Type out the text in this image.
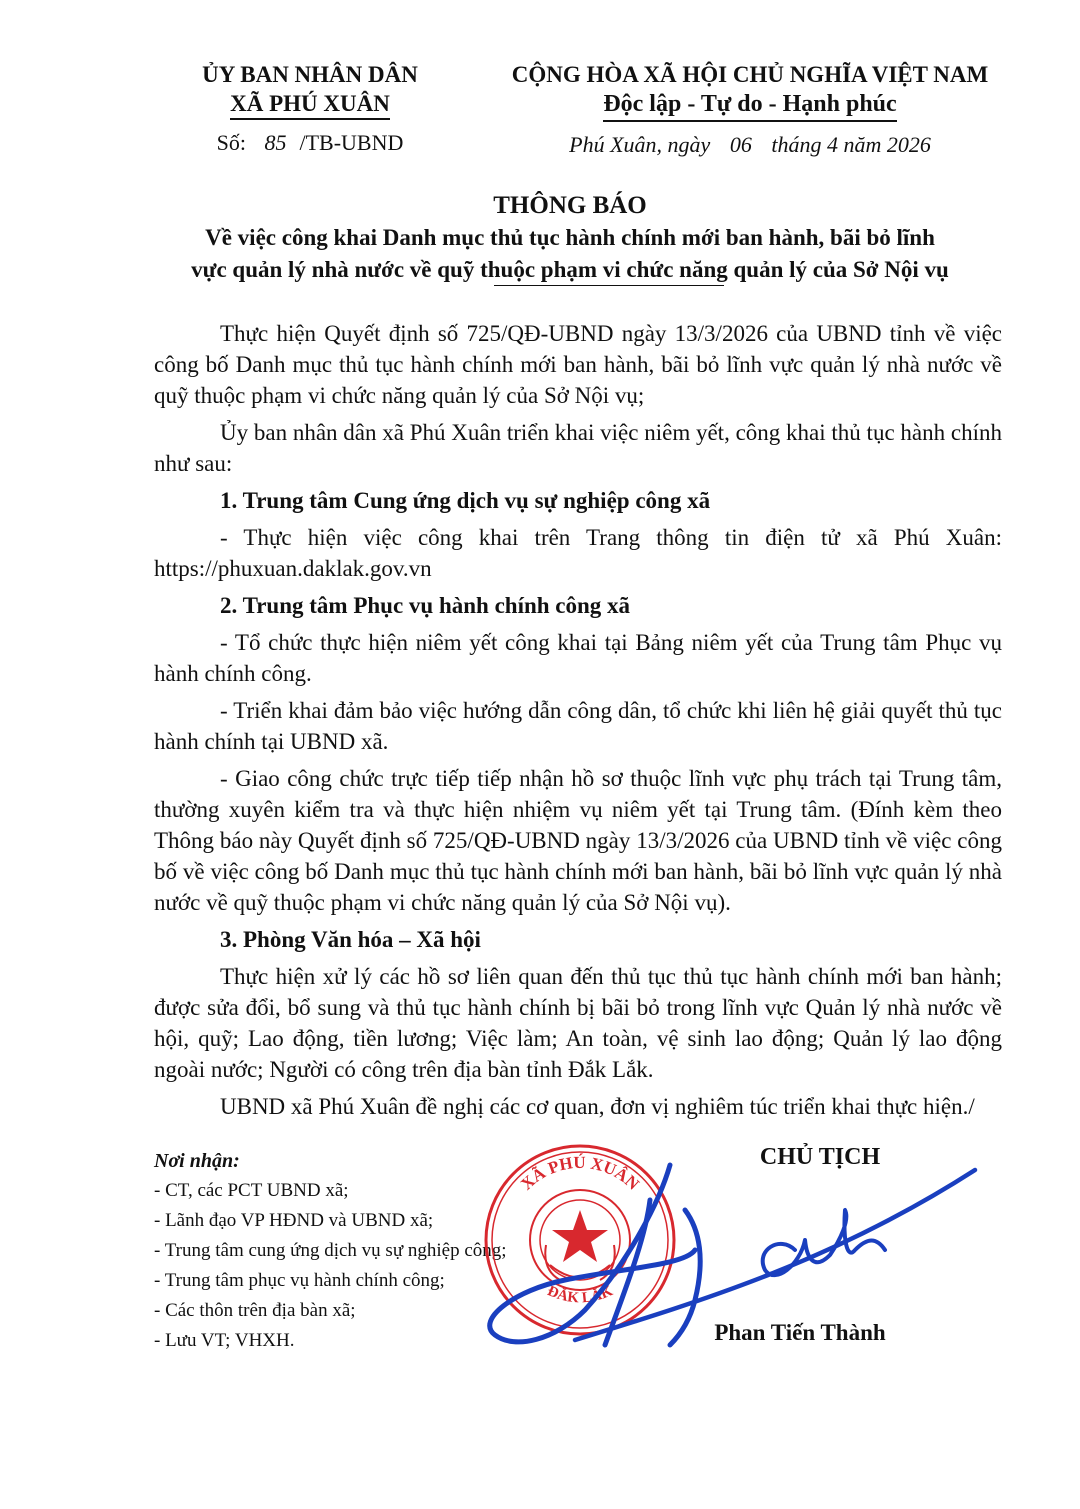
ỦY BAN NHÂN DÂN
XÃ PHÚ XUÂN
Số: 85 /TB-UBND
CỘNG HÒA XÃ HỘI CHỦ NGHĨA VIỆT NAM
Độc lập - Tự do - Hạnh phúc
Phú Xuân, ngày 06 tháng 4 năm 2026
THÔNG BÁO
Về việc công khai Danh mục thủ tục hành chính mới ban hành, bãi bỏ lĩnh
vực quản lý nhà nước về quỹ thuộc phạm vi chức năng quản lý của Sở Nội vụ

Thực hiện Quyết định số 725/QĐ-UBND ngày 13/3/2026 của UBND tỉnh về việc công bố Danh mục thủ tục hành chính mới ban hành, bãi bỏ lĩnh vực quản lý nhà nước về quỹ thuộc phạm vi chức năng quản lý của Sở Nội vụ;

Ủy ban nhân dân xã Phú Xuân triển khai việc niêm yết, công khai thủ tục hành chính như sau:

1. Trung tâm Cung ứng dịch vụ sự nghiệp công xã

- Thực hiện việc công khai trên Trang thông tin điện tử xã Phú Xuân: https://phuxuan.daklak.gov.vn

2. Trung tâm Phục vụ hành chính công xã

- Tổ chức thực hiện niêm yết công khai tại Bảng niêm yết của Trung tâm Phục vụ hành chính công.

- Triển khai đảm bảo việc hướng dẫn công dân, tổ chức khi liên hệ giải quyết thủ tục hành chính tại UBND xã.

- Giao công chức trực tiếp tiếp nhận hồ sơ thuộc lĩnh vực phụ trách tại Trung tâm, thường xuyên kiểm tra và thực hiện nhiệm vụ niêm yết tại Trung tâm. (Đính kèm theo Thông báo này Quyết định số 725/QĐ-UBND ngày 13/3/2026 của UBND tỉnh về việc công bố về việc công bố Danh mục thủ tục hành chính mới ban hành, bãi bỏ lĩnh vực quản lý nhà nước về quỹ thuộc phạm vi chức năng quản lý của Sở Nội vụ).

3. Phòng Văn hóa – Xã hội

Thực hiện xử lý các hồ sơ liên quan đến thủ tục thủ tục hành chính mới ban hành; được sửa đổi, bổ sung và thủ tục hành chính bị bãi bỏ trong lĩnh vực Quản lý nhà nước về hội, quỹ; Lao động, tiền lương; Việc làm; An toàn, vệ sinh lao động; Quản lý lao động ngoài nước; Người có công trên địa bàn tỉnh Đắk Lắk.

UBND xã Phú Xuân đề nghị các cơ quan, đơn vị nghiêm túc triển khai thực hiện./

Nơi nhận:
- CT, các PCT UBND xã;
- Lãnh đạo VP HĐND và UBND xã;
- Trung tâm cung ứng dịch vụ sự nghiệp công;
- Trung tâm phục vụ hành chính công;
- Các thôn trên địa bàn xã;
- Lưu VT; VHXH.
XÃ PHÚ XUÂN
ĐẮK LẮK
CHỦ TỊCH
Phan Tiến Thành
